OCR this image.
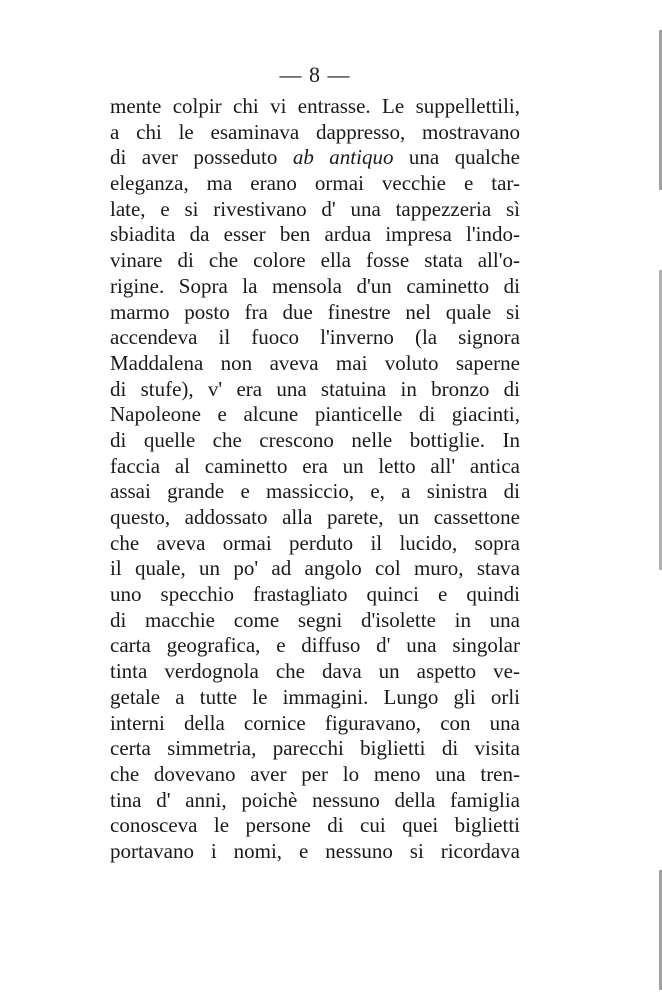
— 8 —
mente colpir chi vi entrasse. Le suppellettili,
a chi le esaminava dappresso, mostravano
di aver posseduto ab antiquo una qualche
eleganza, ma erano ormai vecchie e tar-
late, e si rivestivano d' una tappezzeria sì
sbiadita da esser ben ardua impresa l'indo-
vinare di che colore ella fosse stata all'o-
rigine. Sopra la mensola d'un caminetto di
marmo posto fra due finestre nel quale si
accendeva il fuoco l'inverno (la signora
Maddalena non aveva mai voluto saperne
di stufe), v' era una statuina in bronzo di
Napoleone e alcune pianticelle di giacinti,
di quelle che crescono nelle bottiglie. In
faccia al caminetto era un letto all' antica
assai grande e massiccio, e, a sinistra di
questo, addossato alla parete, un cassettone
che aveva ormai perduto il lucido, sopra
il quale, un po' ad angolo col muro, stava
uno specchio frastagliato quinci e quindi
di macchie come segni d'isolette in una
carta geografica, e diffuso d' una singolar
tinta verdognola che dava un aspetto ve-
getale a tutte le immagini. Lungo gli orli
interni della cornice figuravano, con una
certa simmetria, parecchi biglietti di visita
che dovevano aver per lo meno una tren-
tina d' anni, poichè nessuno della famiglia
conosceva le persone di cui quei biglietti
portavano i nomi, e nessuno si ricordava
